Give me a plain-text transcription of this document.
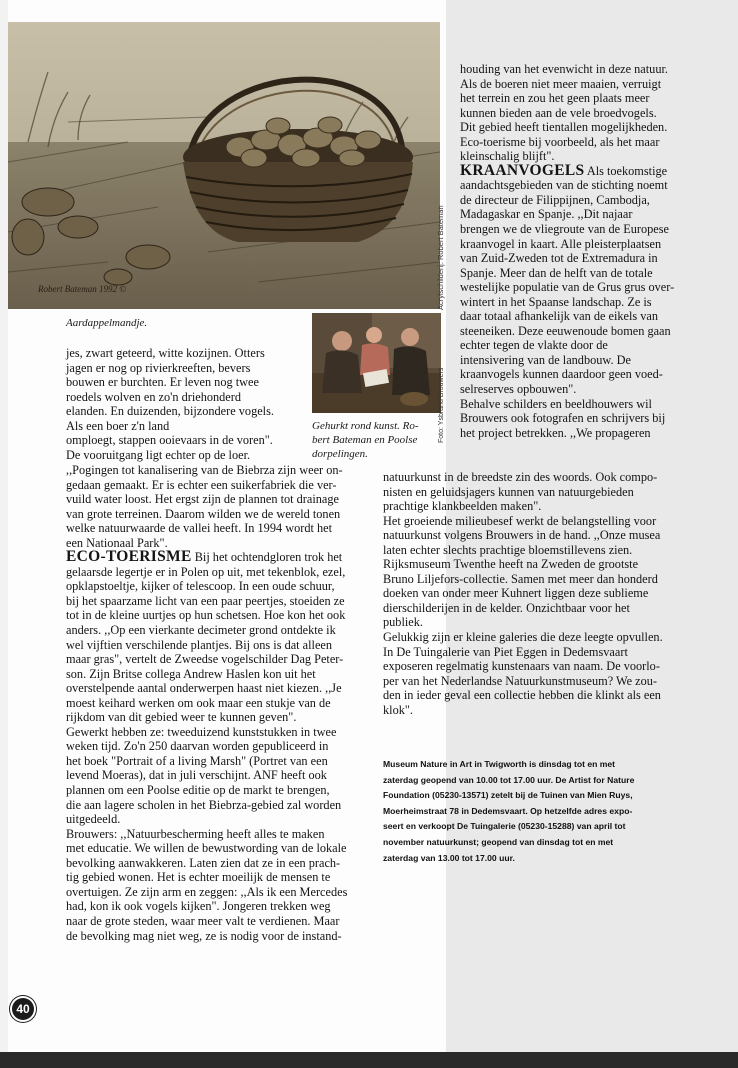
Robert Bateman 1992 ©	Acrylschilderij: Robert Bateman
Aardappelmandje.
Foto: Ysbrand Brouwers
Gehurkt rond kunst. Ro-
bert Bateman en Poolse
dorpelingen.

jes, zwart geteerd, witte kozijnen. Otters

jagen er nog op rivierkreeften, bevers

bouwen er burchten. Er leven nog twee

roedels wolven en zo'n driehonderd

elanden. En duizenden, bijzondere vogels.

Als een boer z'n land

omploegt, stappen ooievaars in de voren".

De vooruitgang ligt echter op de loer.

,,Pogingen tot kanalisering van de Biebrza zijn weer on-

gedaan gemaakt. Er is echter een suikerfabriek die ver-

vuild water loost. Het ergst zijn de plannen tot drainage

van grote terreinen. Daarom wilden we de wereld tonen

welke natuurwaarde de vallei heeft. In 1994 wordt het

een Nationaal Park".

ECO-TOERISME Bij het ochtendgloren trok het

gelaarsde legertje er in Polen op uit, met tekenblok, ezel,

opklapstoeltje, kijker of telescoop. In een oude schuur,

bij het spaarzame licht van een paar peertjes, stoeiden ze

tot in de kleine uurtjes op hun schetsen. Hoe kon het ook

anders. ,,Op een vierkante decimeter grond ontdekte ik

wel vijftien verschilende plantjes. Bij ons is dat alleen

maar gras", vertelt de Zweedse vogelschilder Dag Peter-

son. Zijn Britse collega Andrew Haslen kon uit het

overstelpende aantal onderwerpen haast niet kiezen. ,,Je

moest keihard werken om ook maar een stukje van de

rijkdom van dit gebied weer te kunnen geven".

Gewerkt hebben ze: tweeduizend kunststukken in twee

weken tijd. Zo'n 250 daarvan worden gepubliceerd in

het boek "Portrait of a living Marsh" (Portret van een

levend Moeras), dat in juli verschijnt. ANF heeft ook

plannen om een Poolse editie op de markt te brengen,

die aan lagere scholen in het Biebrza-gebied zal worden

uitgedeeld.

Brouwers: ,,Natuurbescherming heeft alles te maken

met educatie. We willen de bewustwording van de lokale

bevolking aanwakkeren. Laten zien dat ze in een prach-

tig gebied wonen. Het is echter moeilijk de mensen te

overtuigen. Ze zijn arm en zeggen: ,,Als ik een Mercedes

had, kon ik ook vogels kijken". Jongeren trekken weg

naar de grote steden, waar meer valt te verdienen. Maar

de bevolking mag niet weg, ze is nodig voor de instand-

houding van het evenwicht in deze natuur.

Als de boeren niet meer maaien, verruigt

het terrein en zou het geen plaats meer

kunnen bieden aan de vele broedvogels.

Dit gebied heeft tientallen mogelijkheden.

Eco-toerisme bij voorbeeld, als het maar

kleinschalig blijft".

KRAANVOGELS Als toekomstige

aandachtsgebieden van de stichting noemt

de directeur de Filippijnen, Cambodja,

Madagaskar en Spanje. ,,Dit najaar

brengen we de vliegroute van de Europese

kraanvogel in kaart. Alle pleisterplaatsen

van Zuid-Zweden tot de Extremadura in

Spanje. Meer dan de helft van de totale

westelijke populatie van de Grus grus over-

wintert in het Spaanse landschap. Ze is

daar totaal afhankelijk van de eikels van

steeneiken. Deze eeuwenoude bomen gaan

echter tegen de vlakte door de

intensivering van de landbouw. De

kraanvogels kunnen daardoor geen voed-

selreserves opbouwen".

Behalve schilders en beeldhouwers wil

Brouwers ook fotografen en schrijvers bij

het project betrekken. ,,We propageren

natuurkunst in de breedste zin des woords. Ook compo-

nisten en geluidsjagers kunnen van natuurgebieden

prachtige klankbeelden maken".

Het groeiende milieubesef werkt de belangstelling voor

natuurkunst volgens Brouwers in de hand. ,,Onze musea

laten echter slechts prachtige bloemstillevens zien.

Rijksmuseum Twenthe heeft na Zweden de grootste

Bruno Liljefors-collectie. Samen met meer dan honderd

doeken van onder meer Kuhnert liggen deze sublieme

dierschilderijen in de kelder. Onzichtbaar voor het

publiek.

Gelukkig zijn er kleine galeries die deze leegte opvullen.

In De Tuingalerie van Piet Eggen in Dedemsvaart

exposeren regelmatig kunstenaars van naam. De voorlo-

per van het Nederlandse Natuurkunstmuseum? We zou-

den in ieder geval een collectie hebben die klinkt als een

klok".

Museum Nature in Art in Twigworth is dinsdag tot en met

zaterdag geopend van 10.00 tot 17.00 uur. De Artist for Nature

Foundation (05230-13571) zetelt bij de Tuinen van Mien Ruys,

Moerheimstraat 78 in Dedemsvaart. Op hetzelfde adres expo-

seert en verkoopt De Tuingalerie (05230-15288) van april tot

november natuurkunst; geopend van dinsdag tot en met

zaterdag van 13.00 tot 17.00 uur.

40
